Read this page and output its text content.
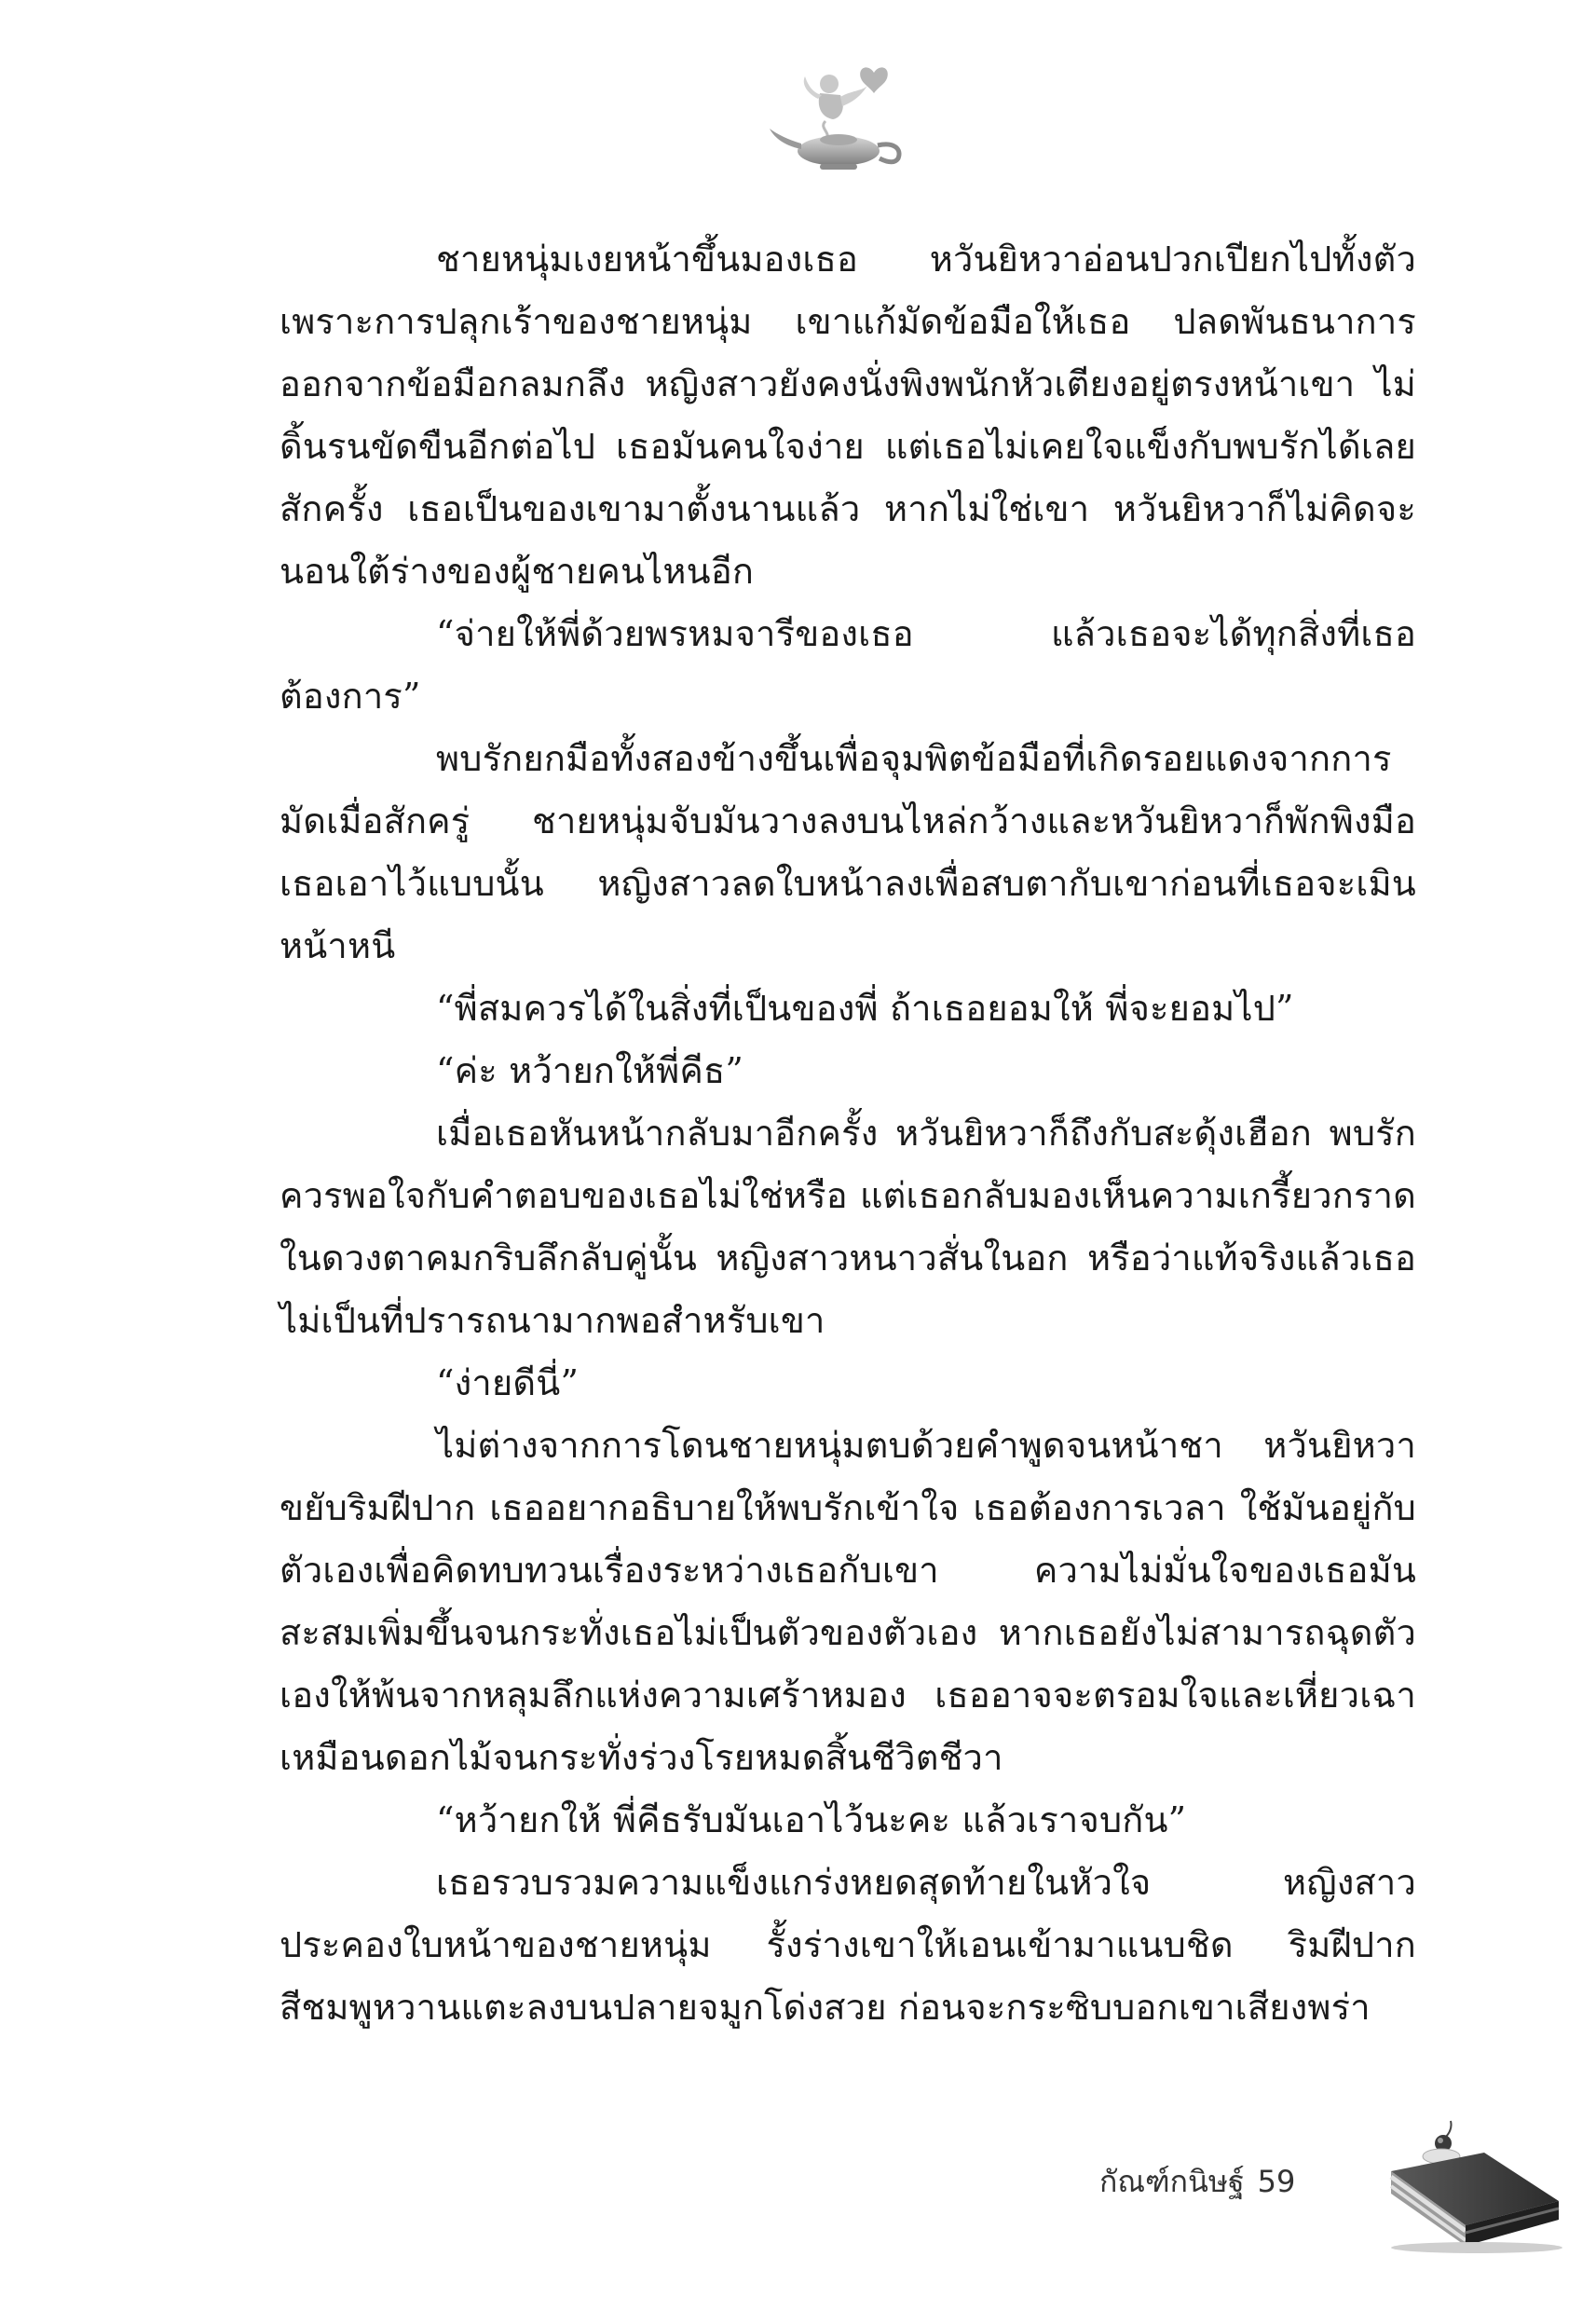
ชายหนุ่มเงยหน้าขึ้นมองเธอ หวันยิหวาอ่อนปวกเปียกไปทั้งตัว เพราะการปลุกเร้าของชายหนุ่ม เขาแก้มัดข้อมือให้เธอ ปลดพันธนาการออกจากข้อมือกลมกลึง หญิงสาวยังคงนั่งพิงพนักหัวเตียงอยู่ตรงหน้าเขา ไม่ดิ้นรนขัดขืนอีกต่อไป เธอมันคนใจง่าย แต่เธอไม่เคยใจแข็งกับพบรักได้เลยสักครั้ง เธอเป็นของเขามาตั้งนานแล้ว หากไม่ใช่เขา หวันยิหวาก็ไม่คิดจะนอนใต้ร่างของผู้ชายคนไหนอีก

“จ่ายให้พี่ด้วยพรหมจารีของเธอ แล้วเธอจะได้ทุกสิ่งที่เธอต้องการ”

พบรักยกมือทั้งสองข้างขึ้นเพื่อจุมพิตข้อมือที่เกิดรอยแดงจากการมัดเมื่อสักครู่ ชายหนุ่มจับมันวางลงบนไหล่กว้างและหวันยิหวาก็พักพิงมือเธอเอาไว้แบบนั้น หญิงสาวลดใบหน้าลงเพื่อสบตากับเขาก่อนที่เธอจะเมินหน้าหนี

“พี่สมควรได้ในสิ่งที่เป็นของพี่ ถ้าเธอยอมให้ พี่จะยอมไป”

“ค่ะ หว้ายกให้พี่คีธ”

เมื่อเธอหันหน้ากลับมาอีกครั้ง หวันยิหวาก็ถึงกับสะดุ้งเฮือก พบรักควรพอใจกับคำตอบของเธอไม่ใช่หรือ แต่เธอกลับมองเห็นความเกรี้ยวกราดในดวงตาคมกริบลึกลับคู่นั้น หญิงสาวหนาวสั่นในอก หรือว่าแท้จริงแล้วเธอไม่เป็นที่ปรารถนามากพอสำหรับเขา

“ง่ายดีนี่”

ไม่ต่างจากการโดนชายหนุ่มตบด้วยคำพูดจนหน้าชา หวันยิหวาขยับริมฝีปาก เธออยากอธิบายให้พบรักเข้าใจ เธอต้องการเวลา ใช้มันอยู่กับตัวเองเพื่อคิดทบทวนเรื่องระหว่างเธอกับเขา ความไม่มั่นใจของเธอมันสะสมเพิ่มขึ้นจนกระทั่งเธอไม่เป็นตัวของตัวเอง หากเธอยังไม่สามารถฉุดตัวเองให้พ้นจากหลุมลึกแห่งความเศร้าหมอง เธออาจจะตรอมใจและเหี่ยวเฉาเหมือนดอกไม้จนกระทั่งร่วงโรยหมดสิ้นชีวิตชีวา

“หว้ายกให้ พี่คีธรับมันเอาไว้นะคะ แล้วเราจบกัน”

เธอรวบรวมความแข็งแกร่งหยดสุดท้ายในหัวใจ หญิงสาวประคองใบหน้าของชายหนุ่ม รั้งร่างเขาให้เอนเข้ามาแนบชิด ริมฝีปากสีชมพูหวานแตะลงบนปลายจมูกโด่งสวย ก่อนจะกระซิบบอกเขาเสียงพร่า

กัณฑ์กนิษฐ์ 59
